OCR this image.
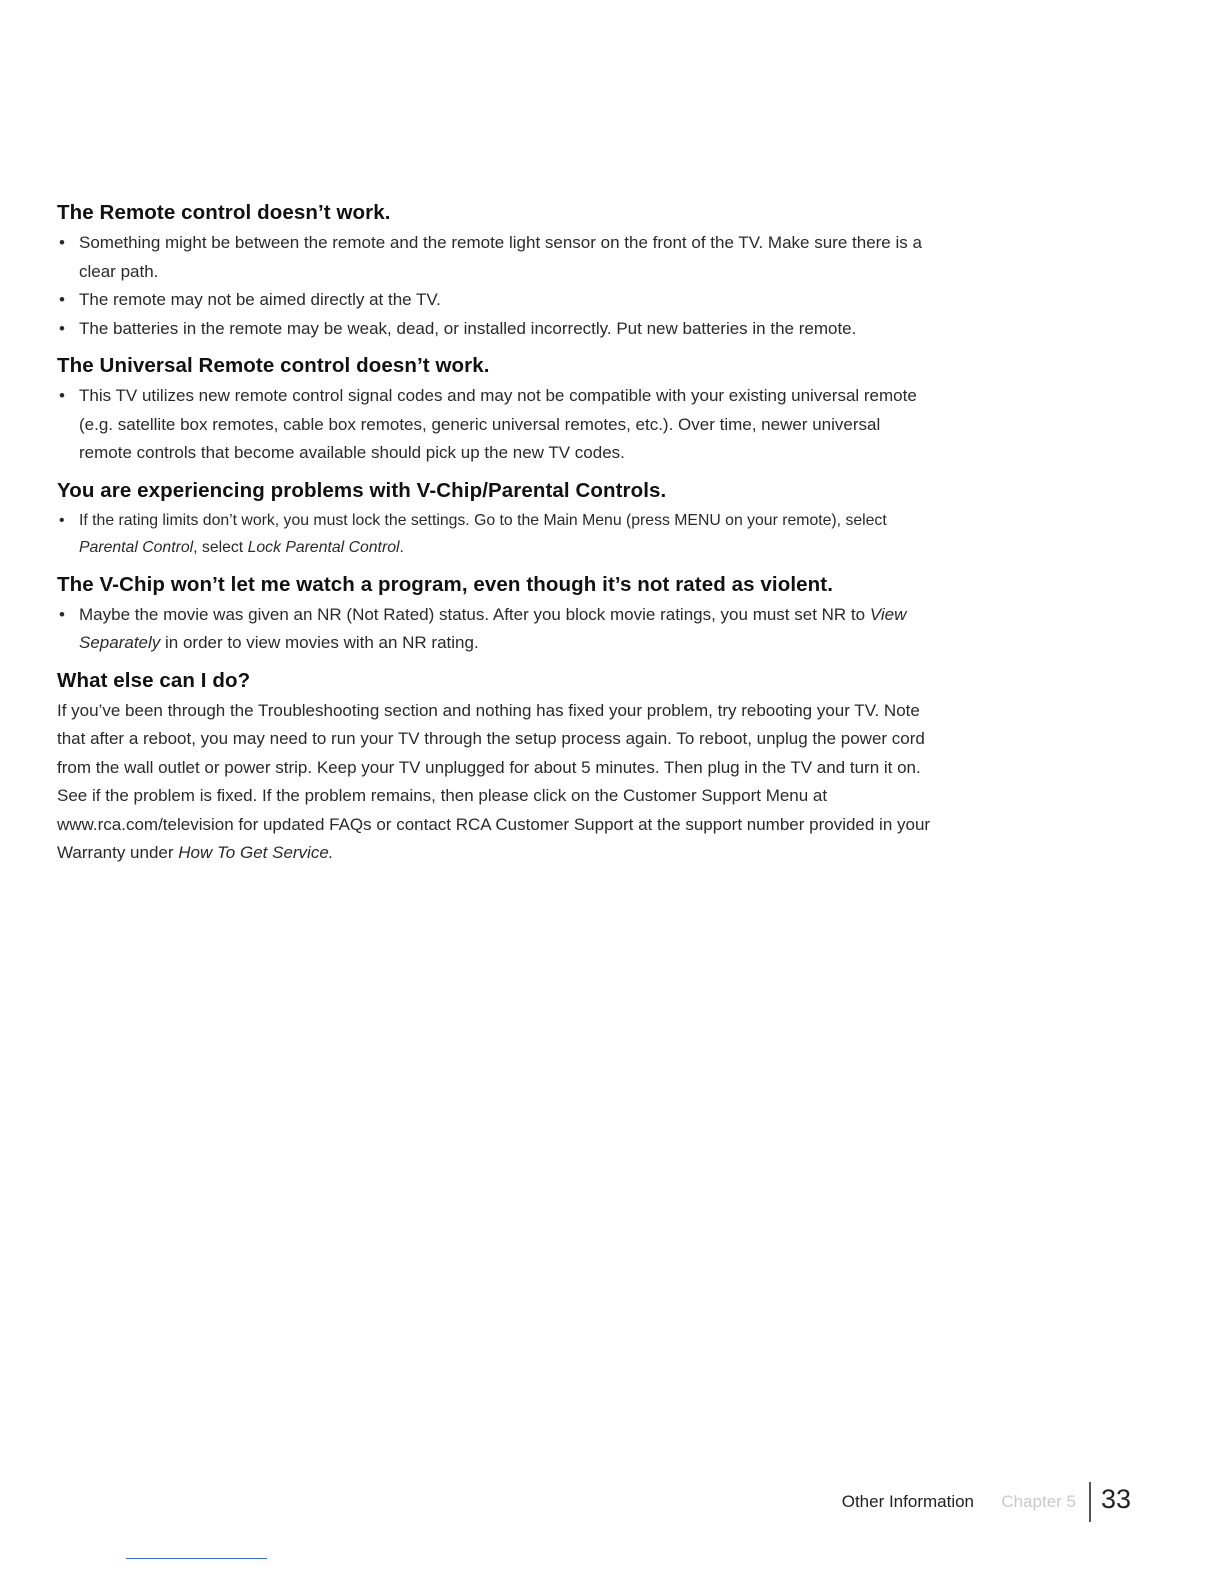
The Remote control doesn’t work.
• Something might be between the remote and the remote light sensor on the front of the TV. Make sure there is a clear path.
• The remote may not be aimed directly at the TV.
• The batteries in the remote may be weak, dead, or installed incorrectly. Put new batteries in the remote.
The Universal Remote control doesn’t work.
• This TV utilizes new remote control signal codes and may not be compatible with your existing universal remote (e.g. satellite box remotes, cable box remotes, generic universal remotes, etc.). Over time, newer universal remote controls that become available should pick up the new TV codes.
You are experiencing problems with V-Chip/Parental Controls.
• If the rating limits don’t work, you must lock the settings. Go to the Main Menu (press MENU on your remote), select Parental Control, select Lock Parental Control.
The V-Chip won’t let me watch a program, even though it’s not rated as violent.
• Maybe the movie was given an NR (Not Rated) status. After you block movie ratings, you must set NR to View Separately in order to view movies with an NR rating.
What else can I do?

If you’ve been through the Troubleshooting section and nothing has fixed your problem, try rebooting your TV. Note that after a reboot, you may need to run your TV through the setup process again. To reboot, unplug the power cord from the wall outlet or power strip. Keep your TV unplugged for about 5 minutes. Then plug in the TV and turn it on. See if the problem is fixed. If the problem remains, then please click on the Customer Support Menu at www.rca.com/television for updated FAQs or contact RCA Customer Support at the support number provided in your Warranty under How To Get Service.

Other Information Chapter 5 33
